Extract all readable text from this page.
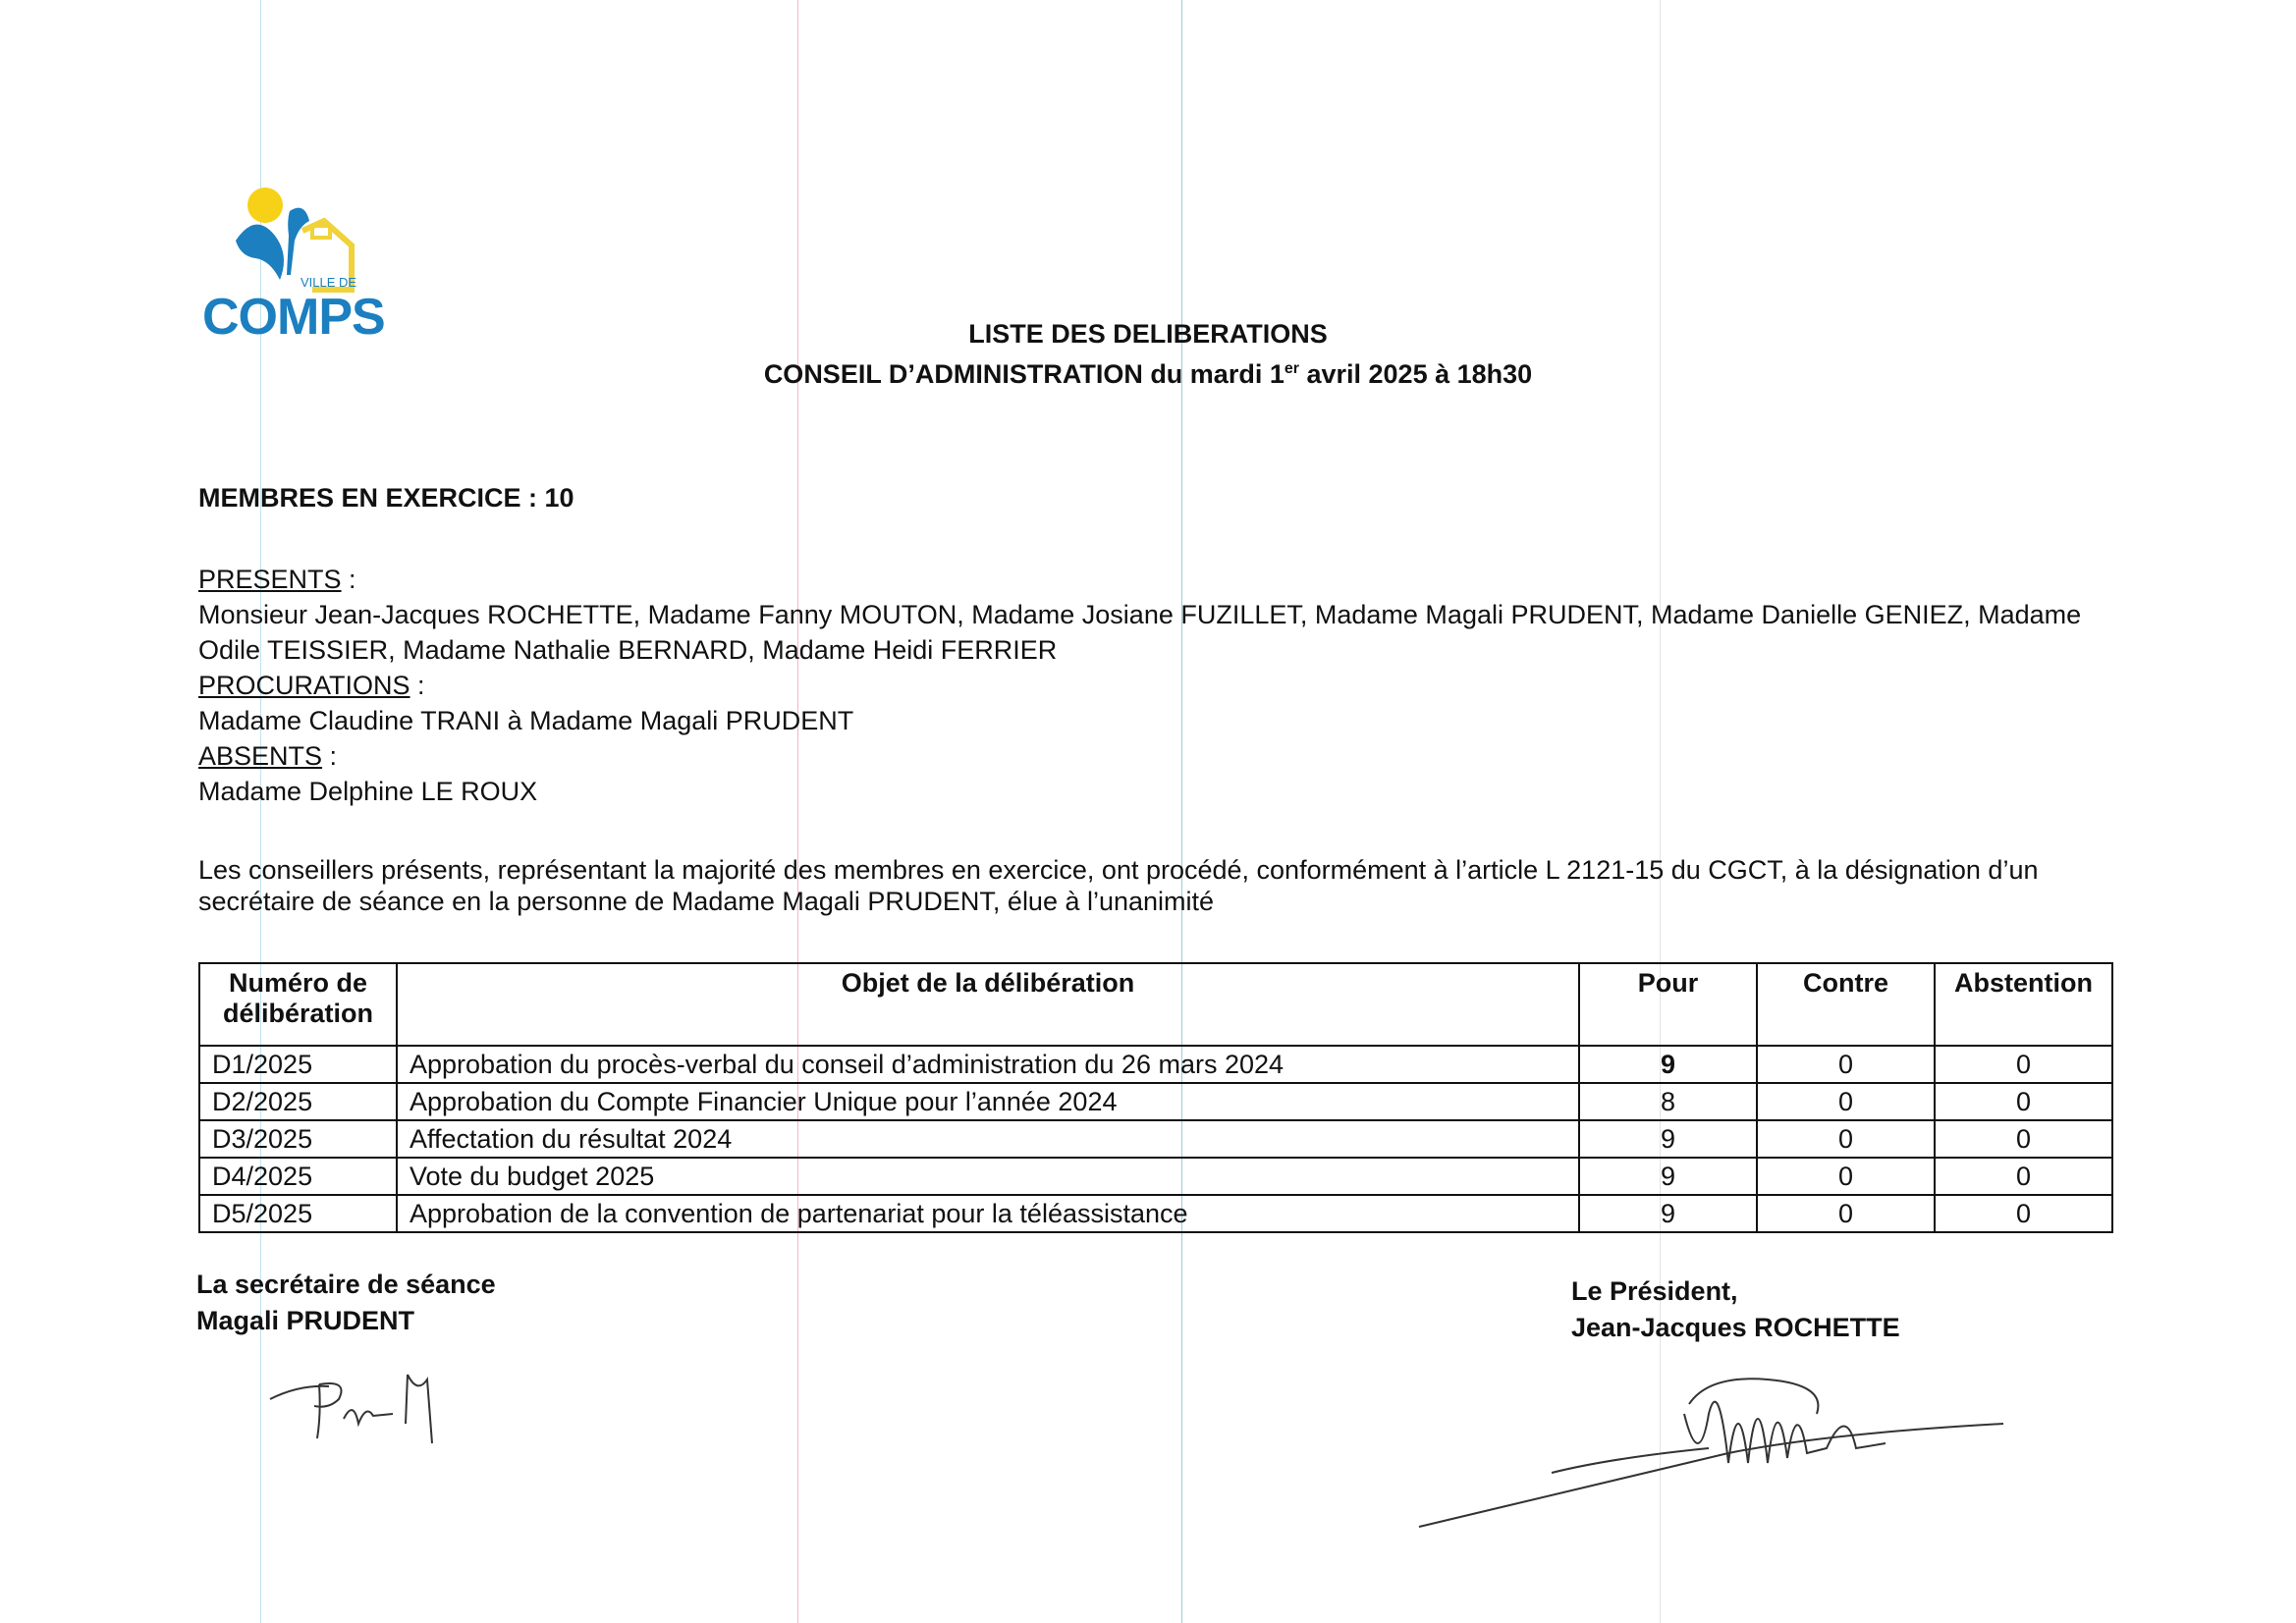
VILLE DE
COMPS	LISTE DES DELIBERATIONS
CONSEIL D’ADMINISTRATION du mardi 1er avril 2025 à 18h30
MEMBRES EN EXERCICE : 10
PRESENTS :
Monsieur Jean-Jacques ROCHETTE, Madame Fanny MOUTON, Madame Josiane FUZILLET, Madame Magali PRUDENT, Madame Danielle GENIEZ, Madame Odile TEISSIER, Madame Nathalie BERNARD, Madame Heidi FERRIER
PROCURATIONS :
Madame Claudine TRANI à Madame Magali PRUDENT
ABSENTS :
Madame Delphine LE ROUX
Les conseillers présents, représentant la majorité des membres en exercice, ont procédé, conformément à l’article L 2121-15 du CGCT, à la désignation d’un secrétaire de séance en la personne de Madame Magali PRUDENT, élue à l’unanimité
Numéro de
délibération	Objet de la délibération	Pour	Contre	Abstention
D1/2025	Approbation du procès-verbal du conseil d’administration du 26 mars 2024	9	0	0
D2/2025	Approbation du Compte Financier Unique pour l’année 2024	8	0	0
D3/2025	Affectation du résultat 2024	9	0	0
D4/2025	Vote du budget 2025	9	0	0
D5/2025	Approbation de la convention de partenariat pour la téléassistance	9	0	0
La secrétaire de séance
Magali PRUDENT
Le Président,
Jean-Jacques ROCHETTE
